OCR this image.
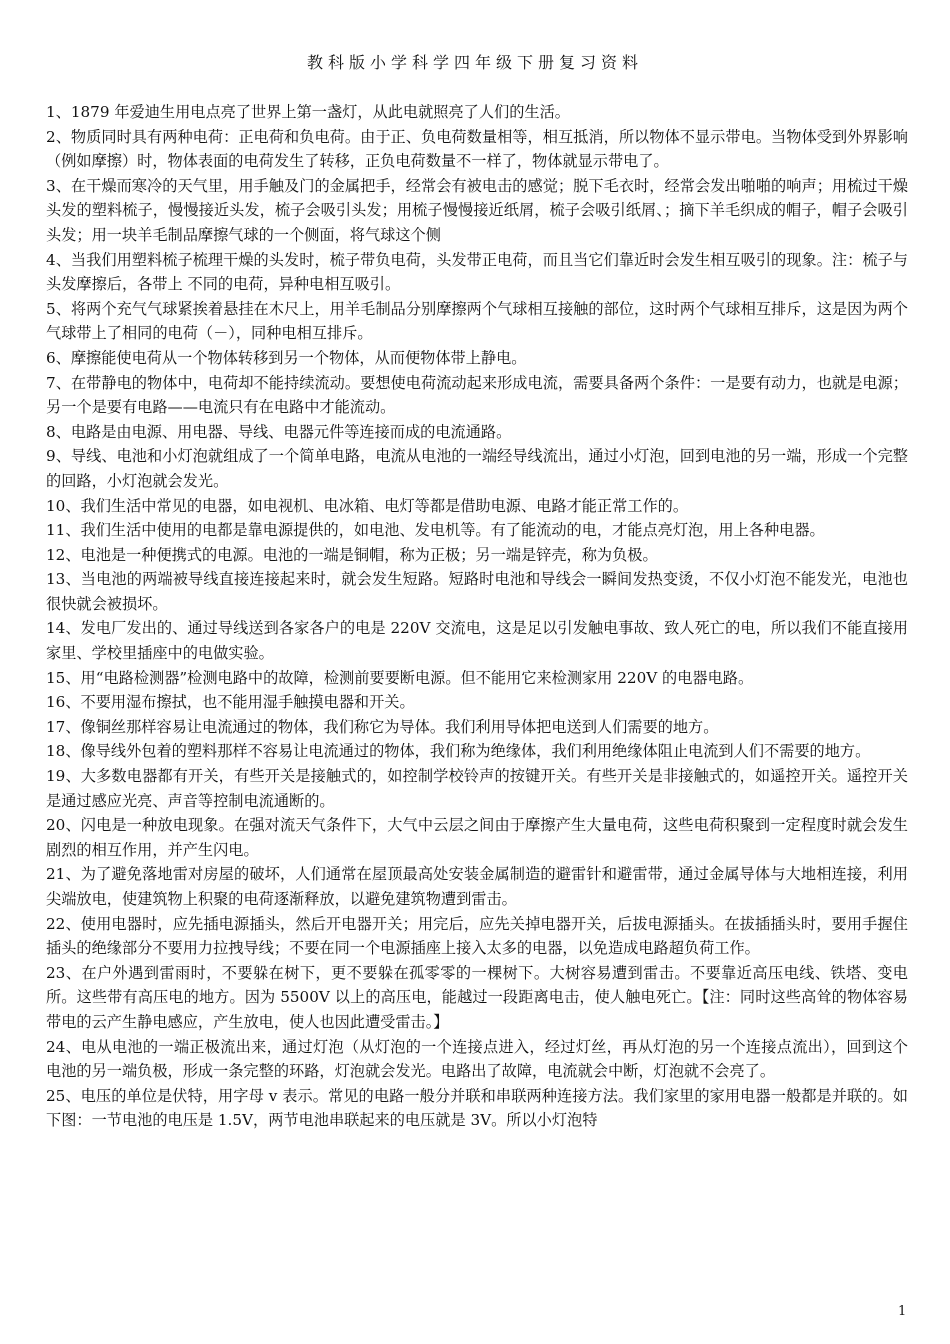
教科版小学科学四年级下册复习资料

1、1879 年爱迪生用电点亮了世界上第一盏灯，从此电就照亮了人们的生活。

2、物质同时具有两种电荷：正电荷和负电荷。由于正、负电荷数量相等，相互抵消，所以物体不显示带电。当物体受到外界影响（例如摩擦）时，物体表面的电荷发生了转移，正负电荷数量不一样了，物体就显示带电了。

3、在干燥而寒冷的天气里，用手触及门的金属把手，经常会有被电击的感觉；脱下毛衣时，经常会发出啪啪的响声；用梳过干燥头发的塑料梳子，慢慢接近头发，梳子会吸引头发；用梳子慢慢接近纸屑，梳子会吸引纸屑、；摘下羊毛织成的帽子，帽子会吸引头发；用一块羊毛制品摩擦气球的一个侧面，将气球这个侧

4、当我们用塑料梳子梳理干燥的头发时，梳子带负电荷，头发带正电荷，而且当它们靠近时会发生相互吸引的现象。注：梳子与头发摩擦后，各带上 不同的电荷，异种电相互吸引。

5、将两个充气气球紧挨着悬挂在木尺上，用羊毛制品分别摩擦两个气球相互接触的部位，这时两个气球相互排斥，这是因为两个气球带上了相同的电荷（－），同种电相互排斥。

6、摩擦能使电荷从一个物体转移到另一个物体，从而便物体带上静电。

7、在带静电的物体中，电荷却不能持续流动。要想使电荷流动起来形成电流，需要具备两个条件：一是要有动力，也就是电源；另一个是要有电路——电流只有在电路中才能流动。

8、电路是由电源、用电器、导线、电器元件等连接而成的电流通路。

9、导线、电池和小灯泡就组成了一个简单电路，电流从电池的一端经导线流出，通过小灯泡，回到电池的另一端，形成一个完整的回路，小灯泡就会发光。

10、我们生活中常见的电器，如电视机、电冰箱、电灯等都是借助电源、电路才能正常工作的。

11、我们生活中使用的电都是靠电源提供的，如电池、发电机等。有了能流动的电，才能点亮灯泡，用上各种电器。

12、电池是一种便携式的电源。电池的一端是铜帽，称为正极；另一端是锌壳，称为负极。

13、当电池的两端被导线直接连接起来时，就会发生短路。短路时电池和导线会一瞬间发热变烫，不仅小灯泡不能发光，电池也很快就会被损坏。

14、发电厂发出的、通过导线送到各家各户的电是 220V 交流电，这是足以引发触电事故、致人死亡的电，所以我们不能直接用家里、学校里插座中的电做实验。

15、用“电路检测器”检测电路中的故障，检测前要要断电源。但不能用它来检测家用 220V 的电器电路。

16、不要用湿布擦拭，也不能用湿手触摸电器和开关。

17、像铜丝那样容易让电流通过的物体，我们称它为导体。我们利用导体把电送到人们需要的地方。

18、像导线外包着的塑料那样不容易让电流通过的物体，我们称为绝缘体，我们利用绝缘体阻止电流到人们不需要的地方。

19、大多数电器都有开关，有些开关是接触式的，如控制学校铃声的按键开关。有些开关是非接触式的，如遥控开关。遥控开关是通过感应光亮、声音等控制电流通断的。

20、闪电是一种放电现象。在强对流天气条件下，大气中云层之间由于摩擦产生大量电荷，这些电荷积聚到一定程度时就会发生剧烈的相互作用，并产生闪电。

21、为了避免落地雷对房屋的破坏，人们通常在屋顶最高处安装金属制造的避雷针和避雷带，通过金属导体与大地相连接，利用尖端放电，使建筑物上积聚的电荷逐渐释放，以避免建筑物遭到雷击。

22、使用电器时，应先插电源插头，然后开电器开关；用完后，应先关掉电器开关，后拔电源插头。在拔插插头时，要用手握住插头的绝缘部分不要用力拉拽导线；不要在同一个电源插座上接入太多的电器，以免造成电路超负荷工作。

23、在户外遇到雷雨时，不要躲在树下，更不要躲在孤零零的一棵树下。大树容易遭到雷击。不要靠近高压电线、铁塔、变电所。这些带有高压电的地方。因为 5500V 以上的高压电，能越过一段距离电击，使人触电死亡。【注：同时这些高耸的物体容易带电的云产生静电感应，产生放电，使人也因此遭受雷击。】

24、电从电池的一端正极流出来，通过灯泡（从灯泡的一个连接点进入，经过灯丝，再从灯泡的另一个连接点流出），回到这个电池的另一端负极，形成一条完整的环路，灯泡就会发光。电路出了故障，电流就会中断，灯泡就不会亮了。

25、电压的单位是伏特，用字母 v 表示。常见的电路一般分并联和串联两种连接方法。我们家里的家用电器一般都是并联的。如下图：一节电池的电压是 1.5V，两节电池串联起来的电压就是 3V。所以小灯泡特

1
